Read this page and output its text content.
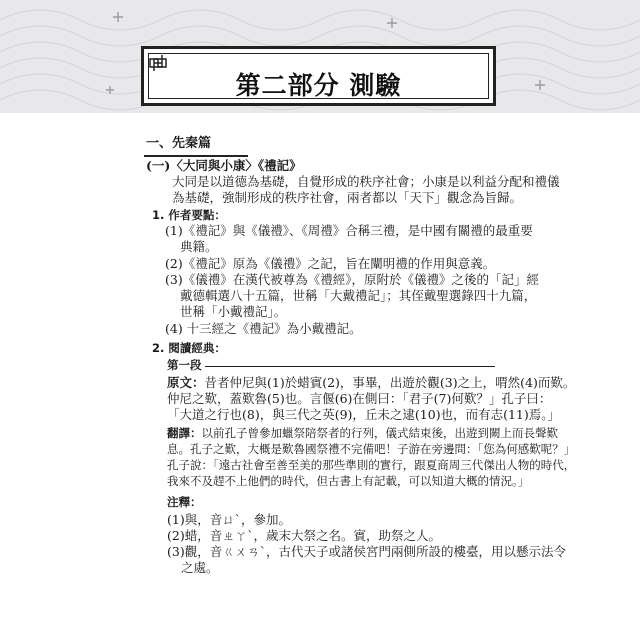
第二部分 測驗
一、先秦篇
(一)〈大同與小康〉《禮記》
大同是以道德為基礎，自覺形成的秩序社會；小康是以利益分配和禮儀
為基礎，強制形成的秩序社會，兩者都以「天下」觀念為旨歸。
1. 作者要點：
(1)《禮記》與《儀禮》、《周禮》合稱三禮，是中國有關禮的最重要
典籍。
(2)《禮記》原為《儀禮》之記，旨在闡明禮的作用與意義。
(3)《儀禮》在漢代被尊為《禮經》，原附於《儀禮》之後的「記」經
戴德輯選八十五篇，世稱「大戴禮記」；其侄戴聖選錄四十九篇，
世稱「小戴禮記」。
(4) 十三經之《禮記》為小戴禮記。
2. 閱讀經典：
第一段
原文：昔者仲尼與(1)於蜡賓(2)，事畢，出遊於觀(3)之上，喟然(4)而歎。
仲尼之歎，蓋歎魯(5)也。言偃(6)在側曰：「君子(7)何歎？」孔子曰：
「大道之行也(8)，與三代之英(9)，丘未之逮(10)也，而有志(11)焉。」
翻譯：以前孔子曾參加蠟祭陪祭者的行列，儀式結束後，出遊到闕上而長聲歎
息。孔子之歎，大概是歎魯國祭禮不完備吧！子游在旁邊問：「您為何感歎呢？」
孔子說：「遠古社會至善至美的那些準則的實行，跟夏商周三代傑出人物的時代，
我來不及趕不上他們的時代，但古書上有記載，可以知道大概的情況。」
注釋：
(1)與，音ㄩˋ，參加。
(2)蜡，音ㄓㄚˋ，歲末大祭之名。賓，助祭之人。
(3)觀，音ㄍㄨㄢˋ，古代天子或諸侯宮門兩側所設的樓臺，用以懸示法令
之處。
